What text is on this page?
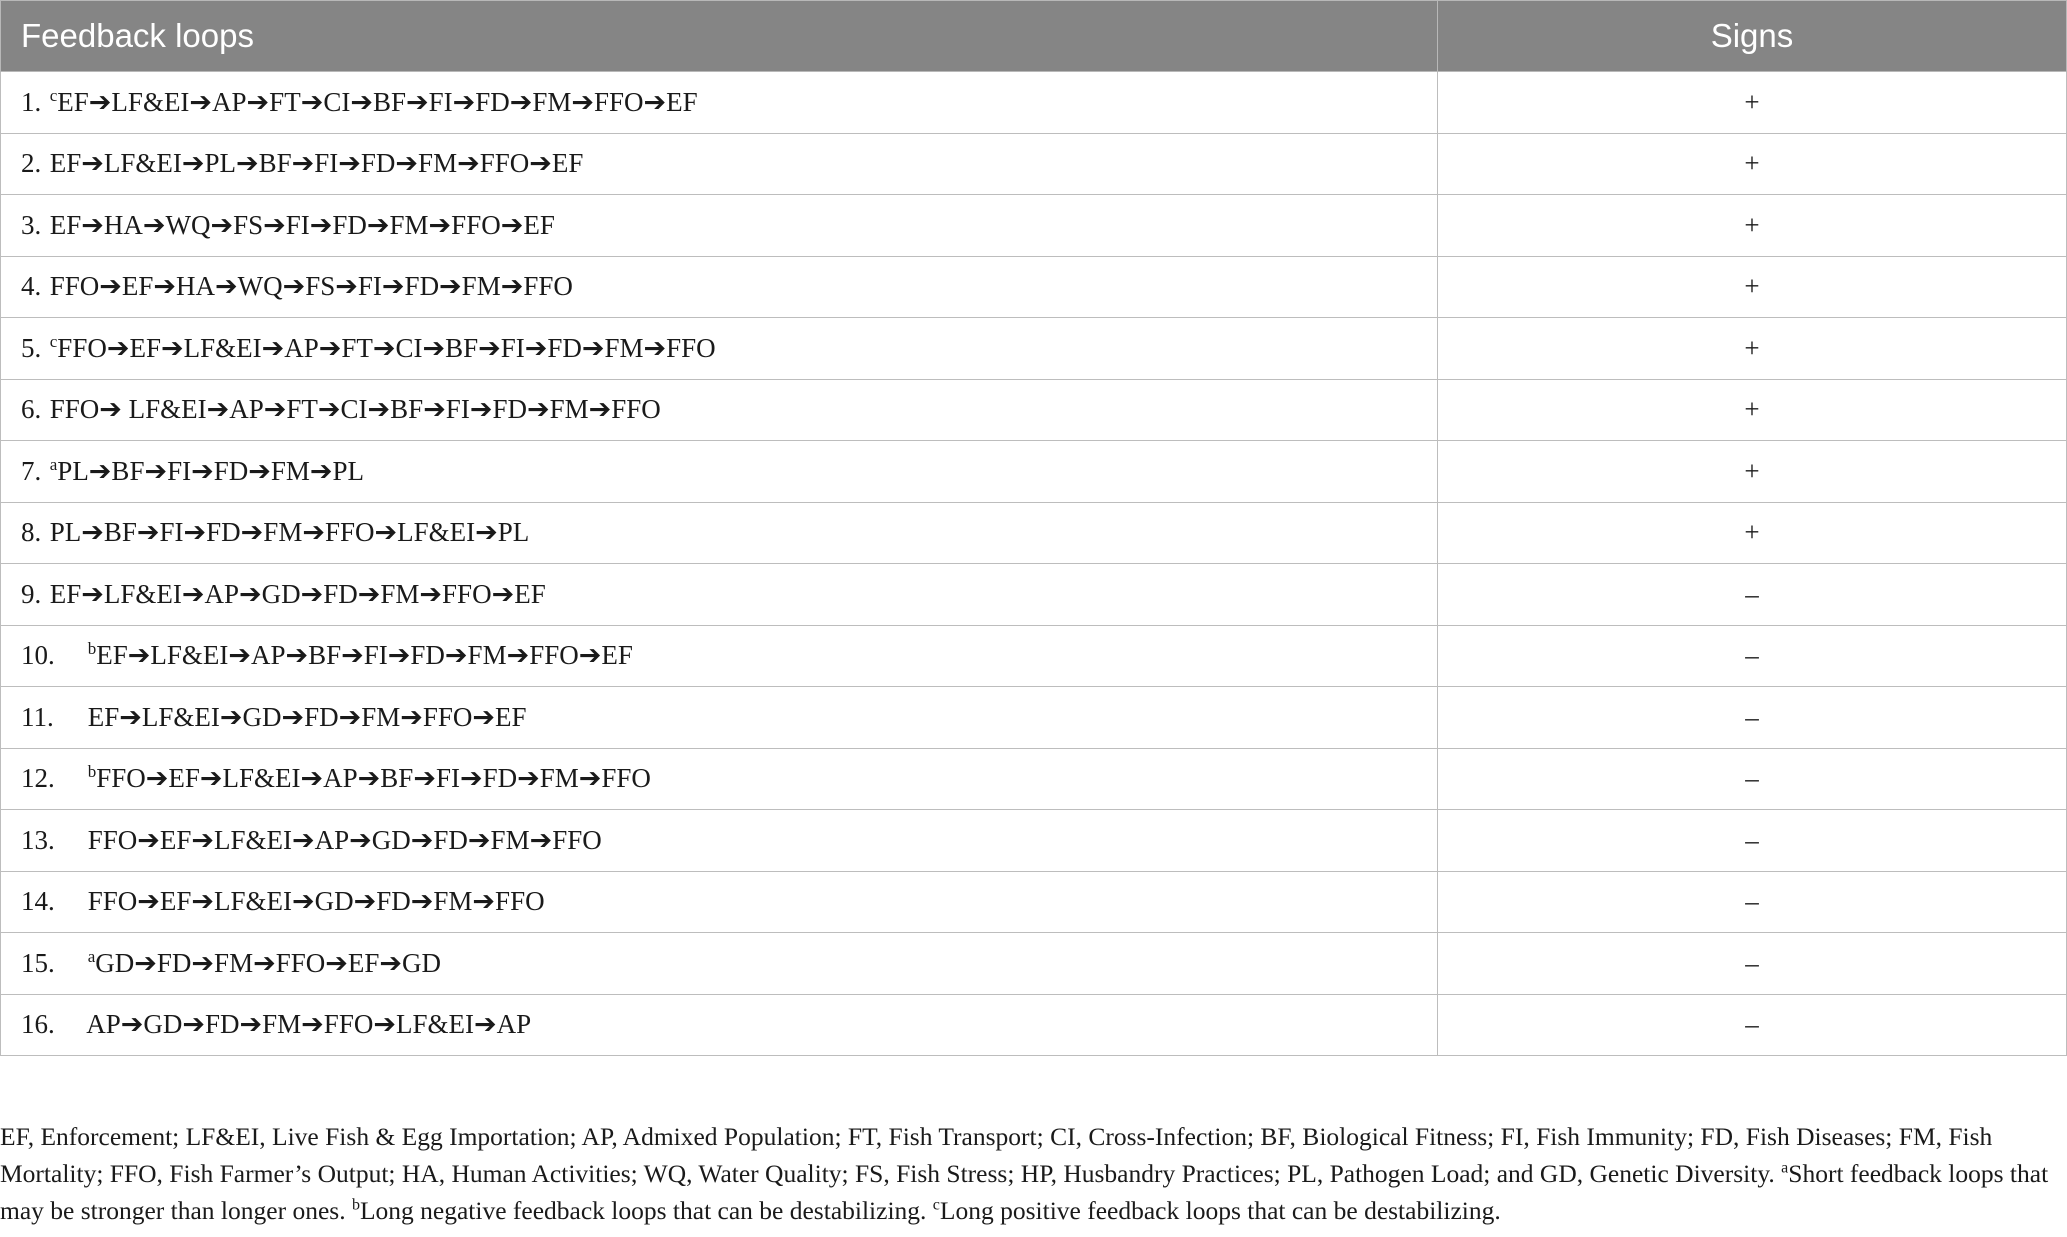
Feedback loops	Signs
1. $^c$EF➔LF&EI➔AP➔FT➔CI➔BF➔FI➔FD➔FM➔FFO➔EF	+
2. EF➔LF&EI➔PL➔BF➔FI➔FD➔FM➔FFO➔EF	+
3. EF➔HA➔WQ➔FS➔FI➔FD➔FM➔FFO➔EF	+
4. FFO➔EF➔HA➔WQ➔FS➔FI➔FD➔FM➔FFO	+
5. $^c$FFO➔EF➔LF&EI➔AP➔FT➔CI➔BF➔FI➔FD➔FM➔FFO	+
6. FFO➔ LF&EI➔AP➔FT➔CI➔BF➔FI➔FD➔FM➔FFO	+
7. $^a$PL➔BF➔FI➔FD➔FM➔PL	+
8. PL➔BF➔FI➔FD➔FM➔FFO➔LF&EI➔PL	+
9. EF➔LF&EI➔AP➔GD➔FD➔FM➔FFO➔EF	–
10. $^b$EF➔LF&EI➔AP➔BF➔FI➔FD➔FM➔FFO➔EF	–
11. EF➔LF&EI➔GD➔FD➔FM➔FFO➔EF	–
12. $^b$FFO➔EF➔LF&EI➔AP➔BF➔FI➔FD➔FM➔FFO	–
13. FFO➔EF➔LF&EI➔AP➔GD➔FD➔FM➔FFO	–
14. FFO➔EF➔LF&EI➔GD➔FD➔FM➔FFO	–
15. $^a$GD➔FD➔FM➔FFO➔EF➔GD	–
16. AP➔GD➔FD➔FM➔FFO➔LF&EI➔AP	–
EF, Enforcement; LF&EI, Live Fish & Egg Importation; AP, Admixed Population; FT, Fish Transport; CI, Cross-Infection; BF, Biological Fitness; FI, Fish Immunity; FD, Fish Diseases; FM, Fish Mortality; FFO, Fish Farmer’s Output; HA, Human Activities; WQ, Water Quality; FS, Fish Stress; HP, Husbandry Practices; PL, Pathogen Load; and GD, Genetic Diversity. $^a$Short feedback loops that may be stronger than longer ones. $^b$Long negative feedback loops that can be destabilizing. $^c$Long positive feedback loops that can be destabilizing.
